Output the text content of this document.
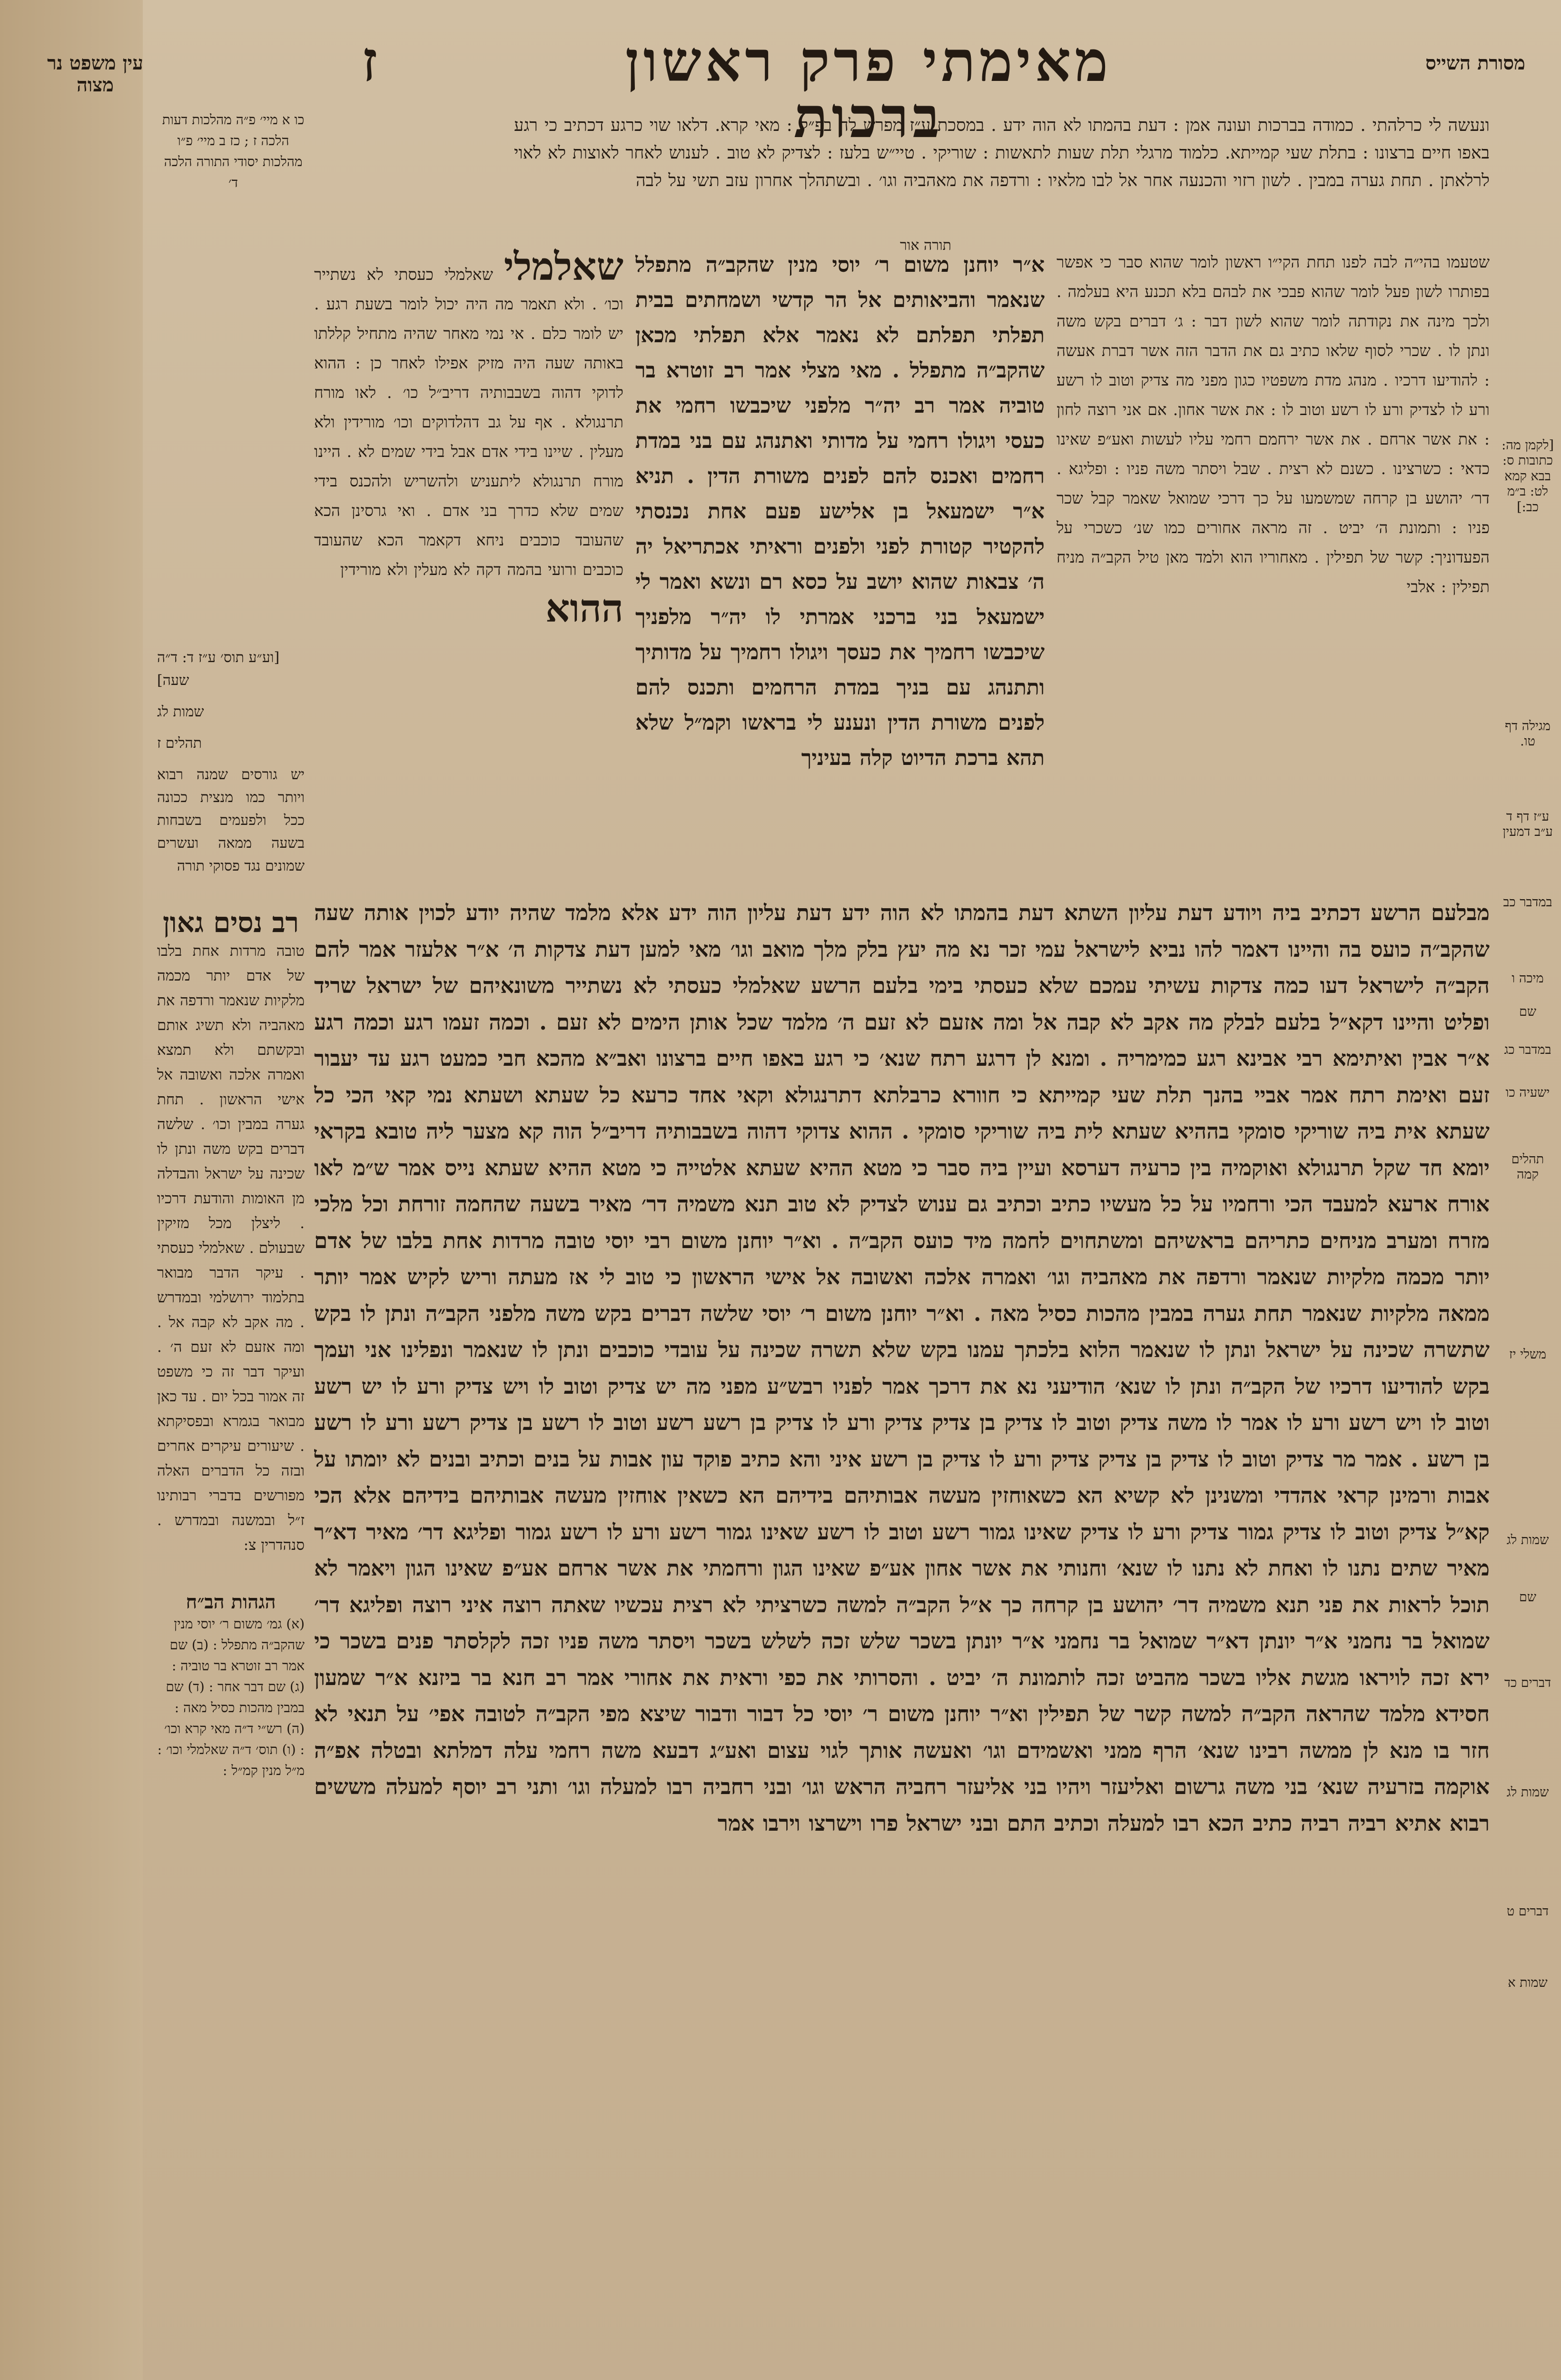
ז	מאימתי פרק ראשון ברכות
מסורת השייס
עין משפט נר מצוה
ונעשה לי כרלהתי . כמודה בברכות ועונה אמן : דעת בהמתו לא הוה ידע . במסכת ע״ז מפרש לה בפ״ק : מאי קרא. דלאו שוי כרגע דכתיב כי רגע באפו חיים ברצונו : בתלת שעי קמייתא. כלמוד מרגלי תלת שעות לתאשות : שוריקי . טיי״ש בלעז : לצדיק לא טוב . לענוש לאחר לאוצות לא לאוי לרלאתן . תחת גערה במבין . לשון רזוי והכנעה אחר אל לבו מלאיו : ורדפה את מאהביה וגו׳ . ובשתהלך אחרון עזב תשי על לבה
תורה אור
שטעמו בהי״ה לבה לפנו תחת הקי״ו ראשון לומר שהוא סבר כי אפשר בפותרו לשון פעל לומר שהוא פבכי את לבהם בלא תכנע היא בעלמה . ולכך מינה את נקודתה לומר שהוא לשון דבר : ג׳ דברים בקש משה ונתן לו . שכרי לסוף שלאו כתיב גם את הדבר הזה אשר דברת אעשה : להודיעו דרכיו . מנהג מדת משפטיו כגון מפני מה צדיק וטוב לו רשע ורע לו לצדיק ורע לו רשע וטוב לו : את אשר אחון. אם אני רוצה לחון : את אשר ארחם . את אשר ירחמם רחמי עליו לעשות ואע״פ שאינו כדאי : כשרצינו . כשנם לא רצית . שבל ויסתר משה פניו : ופליגא . דר׳ יהושע בן קרחה שמשמעו על כך דרכי שמואל שאמר קבל שכר פניו : ותמונת ה׳ יביט . זה מראה אחורים כמו שנ׳ כשכרי על הפעדוניך: קשר של תפילין . מאחוריו הוא ולמד מאן טיל הקב״ה מניח תפילין : אלבי
א״ר יוחנן משום ר׳ יוסי מנין שהקב״ה מתפלל שנאמר והביאותים אל הר קדשי ושמחתים בבית תפלתי תפלתם לא נאמר אלא תפלתי מכאן שהקב״ה מתפלל . מאי מצלי אמר רב זוטרא בר טוביה אמר רב יה״ר מלפני שיכבשו רחמי את כעסי ויגולו רחמי על מדותי ואתנהג עם בני במדת רחמים ואכנס להם לפנים משורת הדין . תניא א״ר ישמעאל בן אלישע פעם אחת נכנסתי להקטיר קטורת לפני ולפנים וראיתי אכתריאל יה ה׳ צבאות שהוא יושב על כסא רם ונשא ואמר לי ישמעאל בני ברכני אמרתי לו יה״ר מלפניך שיכבשו רחמיך את כעסך ויגולו רחמיך על מדותיך ותתנהג עם בניך במדת הרחמים ותכנס להם לפנים משורת הדין ונענע לי בראשו וקמ״ל שלא תהא ברכת הדיוט קלה בעיניך
שאלמלי שאלמלי כעסתי לא נשתייר וכו׳ . ולא תאמר מה היה יכול לומר בשעת רגע . יש לומר כלם . אי נמי מאחר שהיה מתחיל קללתו באותה שעה היה מזיק אפילו לאחר כן : ההוא לדוקי דהוה בשבבותיה דריב״ל כו׳ . לאו מורח תרנגולא . אף על גב דהלדוקים וכו׳ מורידין ולא מעלין . שיינו בידי אדם אבל בידי שמים לא . היינו מורח תרנגולא ליתעניש ולהשריש ולהכנס בידי שמים שלא כדרך בני אדם . ואי גרסינן הכא שהעובד כוכבים ניחא דקאמר הכא שהעובד כוכבים ורועי בהמה דקה לא מעלין ולא מורידין
ההוא
מבלעם הרשע דכתיב ביה ויודע דעת עליון השתא דעת בהמתו לא הוה ידע דעת עליון הוה ידע אלא מלמד שהיה יודע לכוין אותה שעה שהקב״ה כועס בה והיינו דאמר להו נביא לישראל עמי זכר נא מה יעץ בלק מלך מואב וגו׳ מאי למען דעת צדקות ה׳ א״ר אלעזר אמר להם הקב״ה לישראל דעו כמה צדקות עשיתי עמכם שלא כעסתי בימי בלעם הרשע שאלמלי כעסתי לא נשתייר משונאיהם של ישראל שריד ופליט והיינו דקא״ל בלעם לבלק מה אקב לא קבה אל ומה אזעם לא זעם ה׳ מלמד שכל אותן הימים לא זעם . וכמה זעמו רגע וכמה רגע א״ר אבין ואיתימא רבי אבינא רגע כמימריה . ומנא לן דרגע רתח שנא׳ כי רגע באפו חיים ברצונו ואב״א מהכא חבי כמעט רגע עד יעבור זעם ואימת רתח אמר אביי בהנך תלת שעי קמייתא כי חוורא כרבלתא דתרנגולא וקאי אחד כרעא כל שעתא ושעתא נמי קאי הכי כל שעתא אית ביה שוריקי סומקי בההיא שעתא לית ביה שוריקי סומקי . ההוא צדוקי דהוה בשבבותיה דריב״ל הוה קא מצער ליה טובא בקראי יומא חד שקל תרנגולא ואוקמיה בין כרעיה דערסא ועיין ביה סבר כי מטא ההיא שעתא אלטייה כי מטא ההיא שעתא נייס אמר ש״מ לאו אורח ארעא למעבד הכי ורחמיו על כל מעשיו כתיב וכתיב גם ענוש לצדיק לא טוב תנא משמיה דר׳ מאיר בשעה שהחמה זורחת וכל מלכי מזרח ומערב מניחים כתריהם בראשיהם ומשתחוים לחמה מיד כועס הקב״ה . וא״ר יוחנן משום רבי יוסי טובה מרדות אחת בלבו של אדם יותר מכמה מלקיות שנאמר ורדפה את מאהביה וגו׳ ואמרה אלכה ואשובה אל אישי הראשון כי טוב לי אז מעתה וריש לקיש אמר יותר ממאה מלקיות שנאמר תחת גערה במבין מהכות כסיל מאה . וא״ר יוחנן משום ר׳ יוסי שלשה דברים בקש משה מלפני הקב״ה ונתן לו בקש שתשרה שכינה על ישראל ונתן לו שנאמר הלוא בלכתך עמנו בקש שלא תשרה שכינה על עובדי כוכבים ונתן לו שנאמר ונפלינו אני ועמך בקש להודיעו דרכיו של הקב״ה ונתן לו שנא׳ הודיעני נא את דרכך אמר לפניו רבש״ע מפני מה יש צדיק וטוב לו ויש צדיק ורע לו יש רשע וטוב לו ויש רשע ורע לו אמר לו משה צדיק וטוב לו צדיק בן צדיק צדיק ורע לו צדיק בן רשע רשע וטוב לו רשע בן צדיק רשע ורע לו רשע בן רשע . אמר מר צדיק וטוב לו צדיק בן צדיק צדיק ורע לו צדיק בן רשע איני והא כתיב פוקד עון אבות על בנים וכתיב ובנים לא יומתו על אבות ורמינן קראי אהדדי ומשנינן לא קשיא הא כשאוחזין מעשה אבותיהם בידיהם הא כשאין אוחזין מעשה אבותיהם בידיהם אלא הכי קא״ל צדיק וטוב לו צדיק גמור צדיק ורע לו צדיק שאינו גמור רשע וטוב לו רשע שאינו גמור רשע ורע לו רשע גמור ופליגא דר׳ מאיר דא״ר מאיר שתים נתנו לו ואחת לא נתנו לו שנא׳ וחנותי את אשר אחון אע״פ שאינו הגון ורחמתי את אשר ארחם אע״פ שאינו הגון ויאמר לא תוכל לראות את פני תנא משמיה דר׳ יהושע בן קרחה כך א״ל הקב״ה למשה כשרציתי לא רצית עכשיו שאתה רוצה איני רוצה ופליגא דר׳ שמואל בר נחמני א״ר יונתן דא״ר שמואל בר נחמני א״ר יונתן בשכר שלש זכה לשלש בשכר ויסתר משה פניו זכה לקלסתר פנים בשכר כי ירא זכה לויראו מגשת אליו בשכר מהביט זכה לותמונת ה׳ יביט . והסרותי את כפי וראית את אחורי אמר רב חנא בר ביזנא א״ר שמעון חסידא מלמד שהראה הקב״ה למשה קשר של תפילין וא״ר יוחנן משום ר׳ יוסי כל דבור ודבור שיצא מפי הקב״ה לטובה אפי׳ על תנאי לא חזר בו מנא לן ממשה רבינו שנא׳ הרף ממני ואשמידם וגו׳ ואעשה אותך לגוי עצום ואע״ג דבעא משה רחמי עלה דמלתא ובטלה אפ״ה אוקמה בזרעיה שנא׳ בני משה גרשום ואליעזר ויהיו בני אליעזר רחביה הראש וגו׳ ובני רחביה רבו למעלה וגו׳ ותני רב יוסף למעלה מששים רבוא אתיא רביה רביה כתיב הכא רבו למעלה וכתיב התם ובני ישראל פרו וישרצו וירבו אמר
[לקמן מה: כתובות ס: בבא קמא לט: ב״מ כב:]
מגילה דף טו.
ע״ז דף ד ע״ב דמעין
במדבר כב
מיכה ו
שם
במדבר כג
ישעיה כו
תהלים קמה
משלי יז
שמות לג
שם
דברים כד
שמות לג
דברים ט
שמות א
כו א מיי׳ פ״ה מהלכות דעות הלכה ז ; כז ב מיי׳ פ״ו מהלכות יסודי התורה הלכה ד׳
[וע״ע תוס׳ ע״ז ד: ד״ה שעה]
שמות לג
תהלים ז
יש גורסים שמנה רבוא ויותר כמו מנצית ככונה ככל ולפעמים בשבחות בשעה ממאה ועשרים שמונים נגד פסוקי תורה
רב נסים גאון
טובה מרדות אחת בלבו של אדם יותר מכמה מלקיות שנאמר ורדפה את מאהביה ולא תשיג אותם ובקשתם ולא תמצא ואמרה אלכה ואשובה אל אישי הראשון . תחת גערה במבין וכו׳ . שלשה דברים בקש משה ונתן לו שכינה על ישראל והבדלה מן האומות והודעת דרכיו . ליצלן מכל מזיקין שבעולם . שאלמלי כעסתי . עיקר הדבר מבואר בתלמוד ירושלמי ובמדרש . מה אקב לא קבה אל . ומה אזעם לא זעם ה׳ . ועיקר דבר זה כי משפט זה אמור בכל יום . עד כאן מבואר בגמרא ובפסיקתא . שיעורים עיקרים אחרים ובזה כל הדברים האלה מפורשים בדברי רבותינו ז״ל ובמשנה ובמדרש . סנהדרין צ:
הגהות הב״ח
(א) גמ׳ משום ר׳ יוסי מנין שהקב״ה מתפלל : (ב) שם אמר רב זוטרא בר טוביה : (ג) שם דבר אחר : (ד) שם במבין מהכות כסיל מאה : (ה) רש״י ד״ה מאי קרא וכו׳ : (ו) תוס׳ ד״ה שאלמלי וכו׳ : מ״ל מנין קמ״ל :
